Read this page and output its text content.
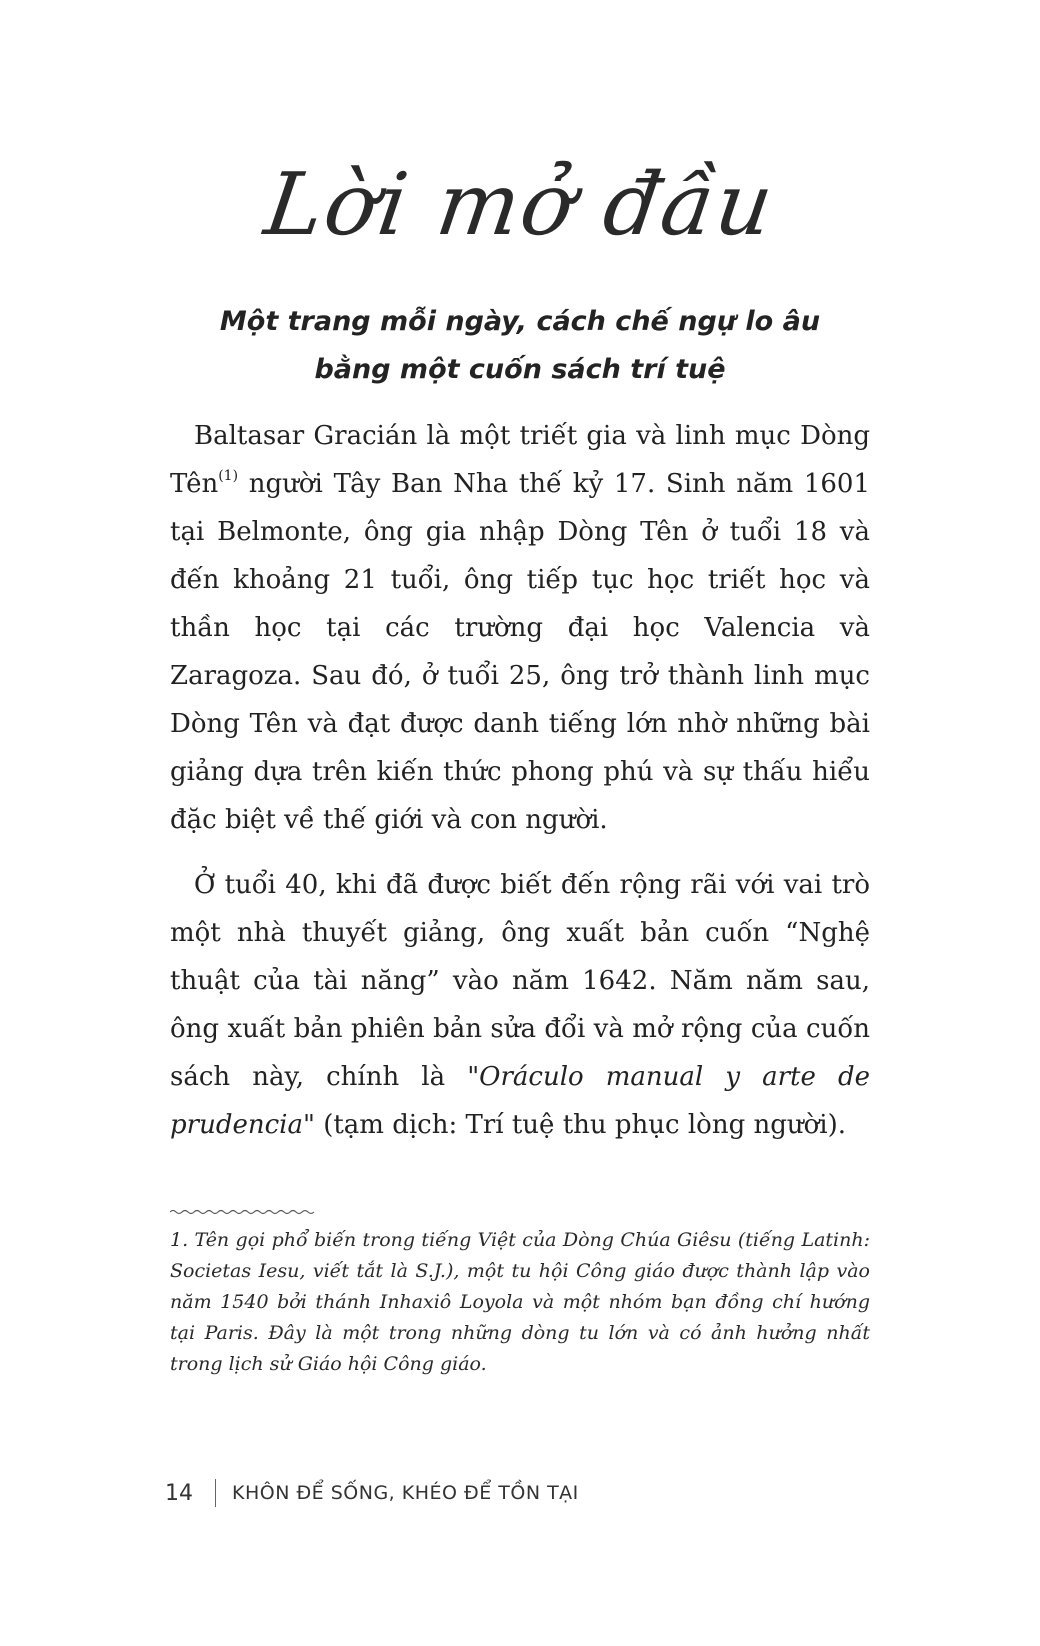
Lời mở đầu
Một trang mỗi ngày, cách chế ngự lo âu
bằng một cuốn sách trí tuệ

Baltasar Gracián là một triết gia và linh mục Dòng Tên$^{(1)}$ người Tây Ban Nha thế kỷ 17. Sinh năm 1601 tại Belmonte, ông gia nhập Dòng Tên ở tuổi 18 và đến khoảng 21 tuổi, ông tiếp tục học triết học và thần học tại các trường đại học Valencia và Zaragoza. Sau đó, ở tuổi 25, ông trở thành linh mục Dòng Tên và đạt được danh tiếng lớn nhờ những bài giảng dựa trên kiến thức phong phú và sự thấu hiểu đặc biệt về thế giới và con người.

Ở tuổi 40, khi đã được biết đến rộng rãi với vai trò một nhà thuyết giảng, ông xuất bản cuốn “Nghệ thuật của tài năng” vào năm 1642. Năm năm sau, ông xuất bản phiên bản sửa đổi và mở rộng của cuốn sách này, chính là "Oráculo manual y arte de prudencia" (tạm dịch: Trí tuệ thu phục lòng người).

1. Tên gọi phổ biến trong tiếng Việt của Dòng Chúa Giêsu (tiếng Latinh: Societas Iesu, viết tắt là S.J.), một tu hội Công giáo được thành lập vào năm 1540 bởi thánh Inhaxiô Loyola và một nhóm bạn đồng chí hướng tại Paris. Đây là một trong những dòng tu lớn và có ảnh hưởng nhất trong lịch sử Giáo hội Công giáo.
14 KHÔN ĐỂ SỐNG, KHÉO ĐỂ TỒN TẠI
